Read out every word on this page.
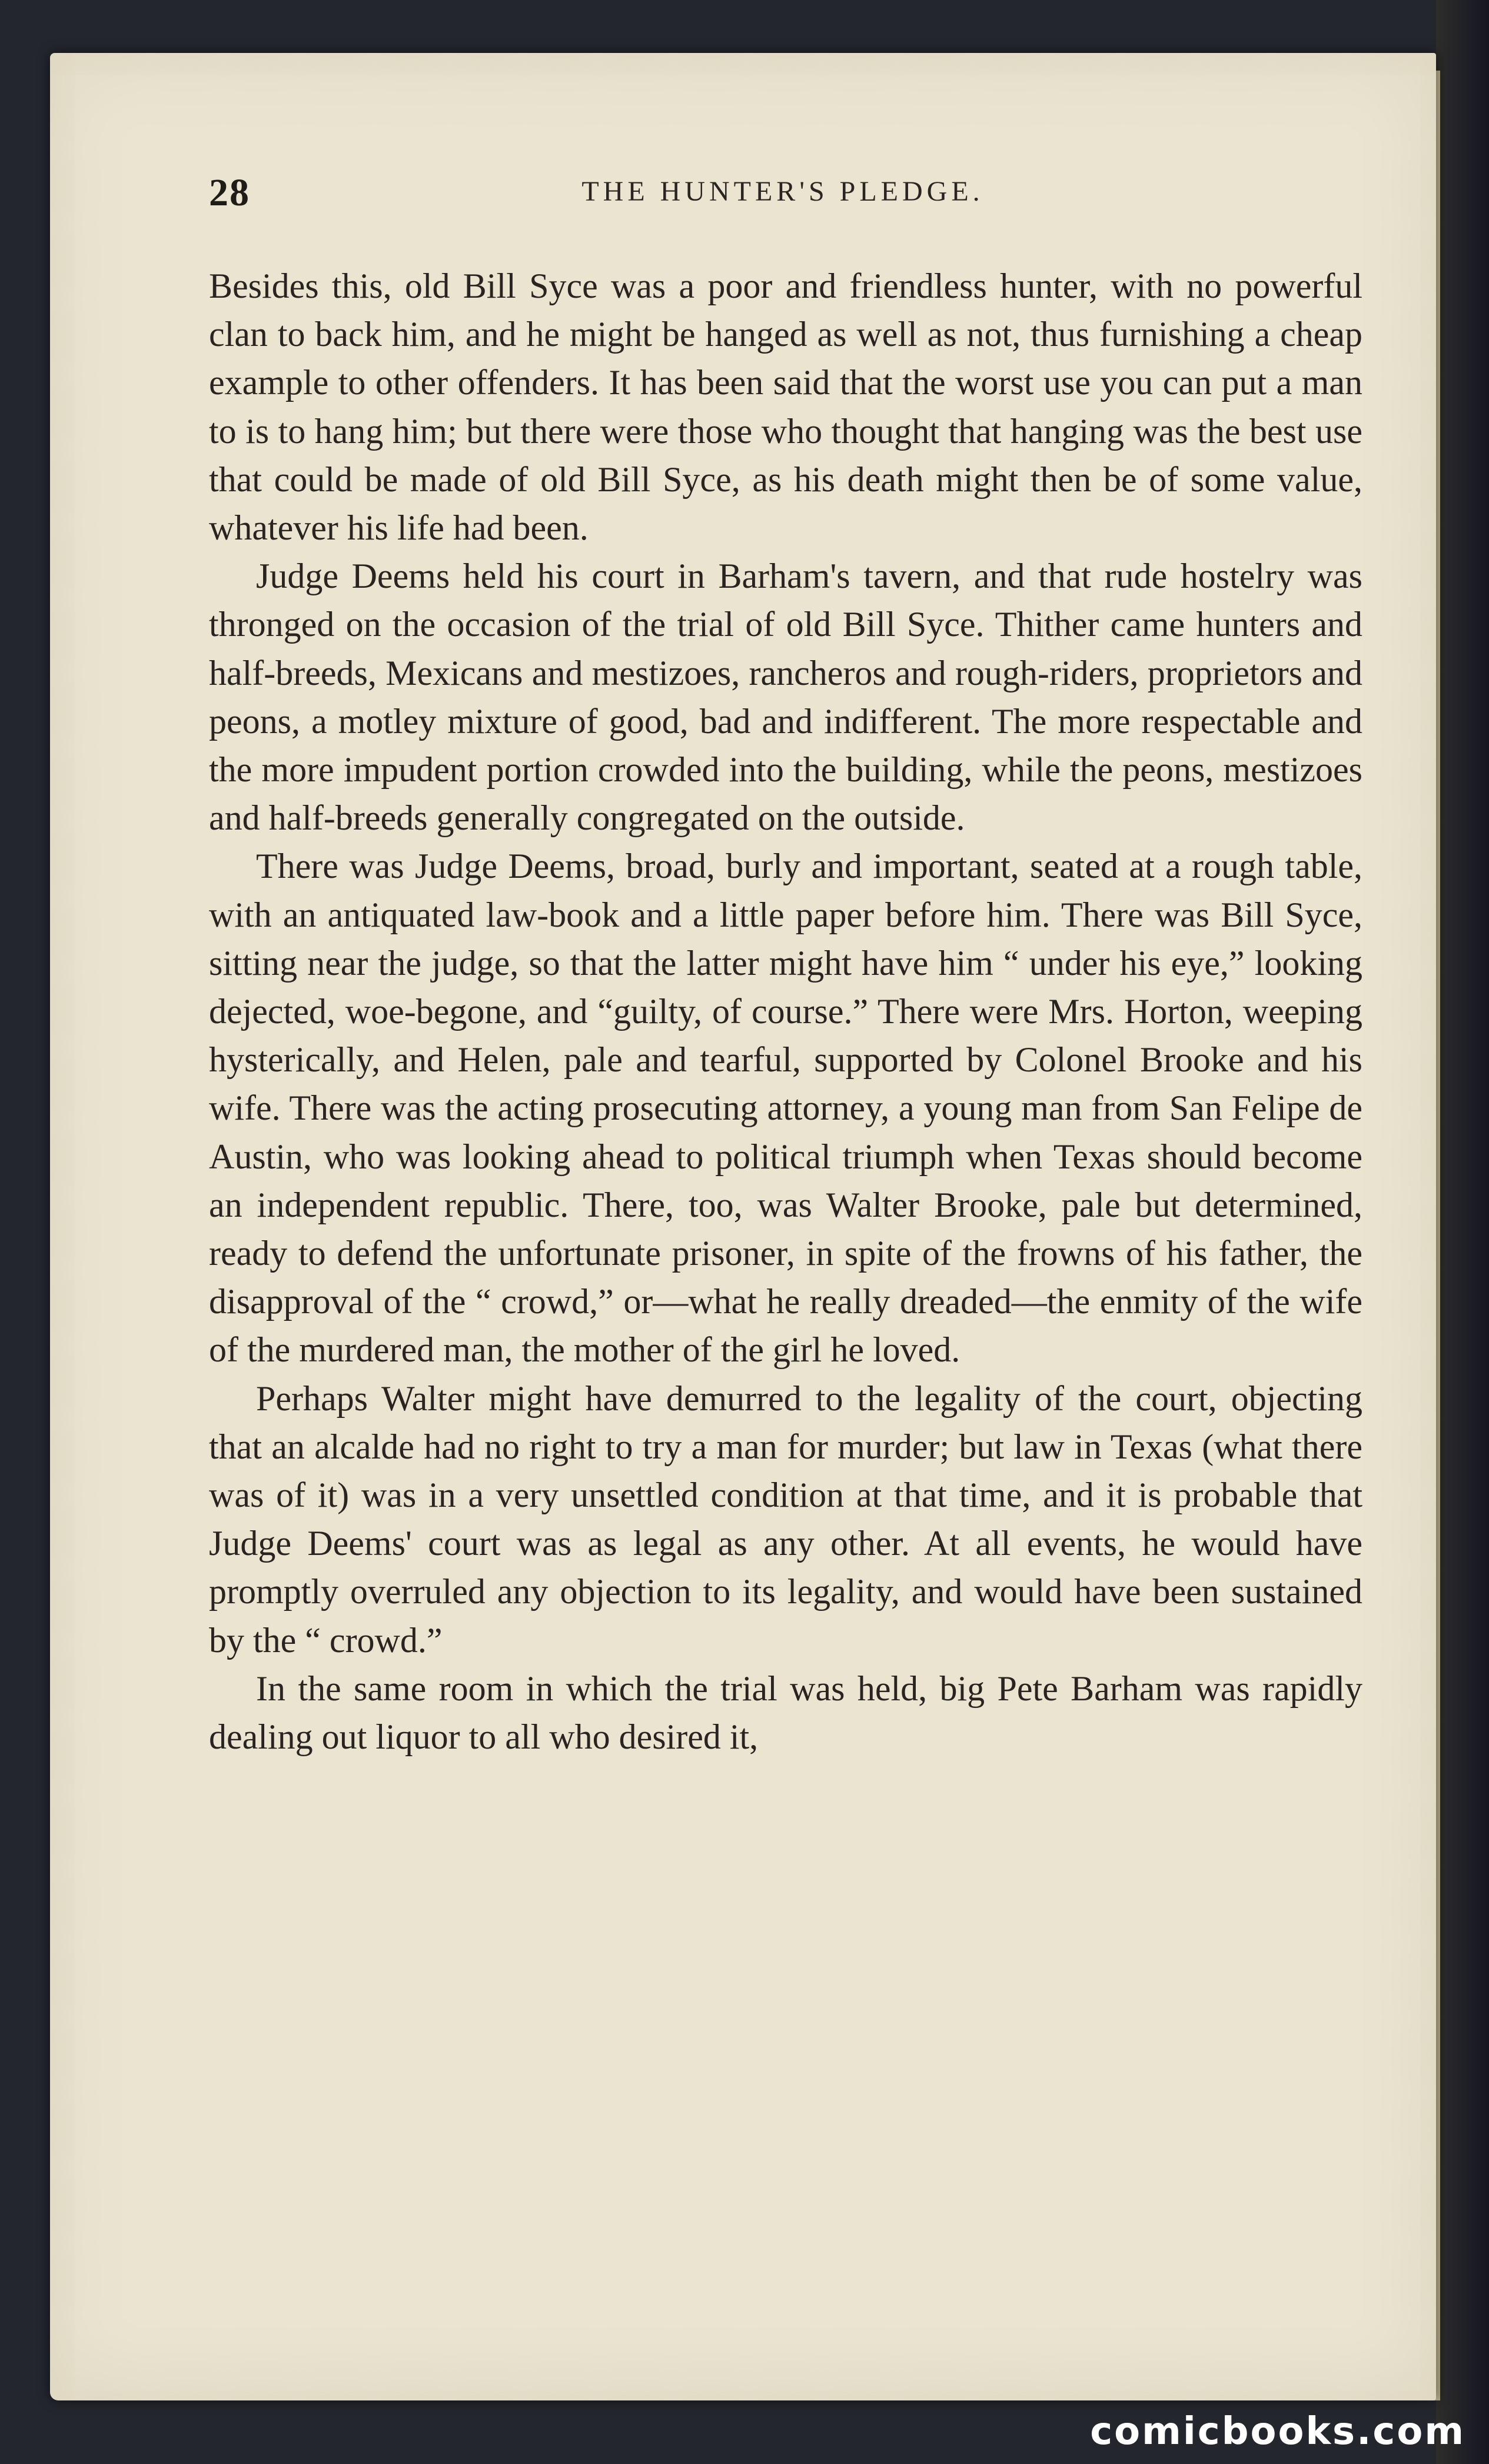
28	THE HUNTER'S PLEDGE.

Besides this, old Bill Syce was a poor and friendless hunter, with no powerful clan to back him, and he might be hanged as well as not, thus furnishing a cheap example to other offenders. It has been said that the worst use you can put a man to is to hang him; but there were those who thought that hanging was the best use that could be made of old Bill Syce, as his death might then be of some value, whatever his life had been.

Judge Deems held his court in Barham's tavern, and that rude hostelry was thronged on the occasion of the trial of old Bill Syce. Thither came hunters and half-breeds, Mexicans and mestizoes, rancheros and rough-riders, proprietors and peons, a motley mixture of good, bad and indifferent. The more respectable and the more impudent portion crowded into the building, while the peons, mestizoes and half-breeds generally congregated on the outside.

There was Judge Deems, broad, burly and important, seated at a rough table, with an antiquated law-book and a little paper before him. There was Bill Syce, sitting near the judge, so that the latter might have him “ under his eye,” looking dejected, woe-begone, and “guilty, of course.” There were Mrs. Horton, weeping hysterically, and Helen, pale and tearful, supported by Colonel Brooke and his wife. There was the acting prosecuting attorney, a young man from San Felipe de Austin, who was looking ahead to political triumph when Texas should become an independent republic. There, too, was Walter Brooke, pale but determined, ready to defend the unfortunate prisoner, in spite of the frowns of his father, the disapproval of the “ crowd,” or—what he really dreaded—the enmity of the wife of the murdered man, the mother of the girl he loved.

Perhaps Walter might have demurred to the legality of the court, objecting that an alcalde had no right to try a man for murder; but law in Texas (what there was of it) was in a very unsettled condition at that time, and it is probable that Judge Deems' court was as legal as any other. At all events, he would have promptly overruled any objection to its legality, and would have been sustained by the “ crowd.”

In the same room in which the trial was held, big Pete Barham was rapidly dealing out liquor to all who desired it,

comicbooks.com
